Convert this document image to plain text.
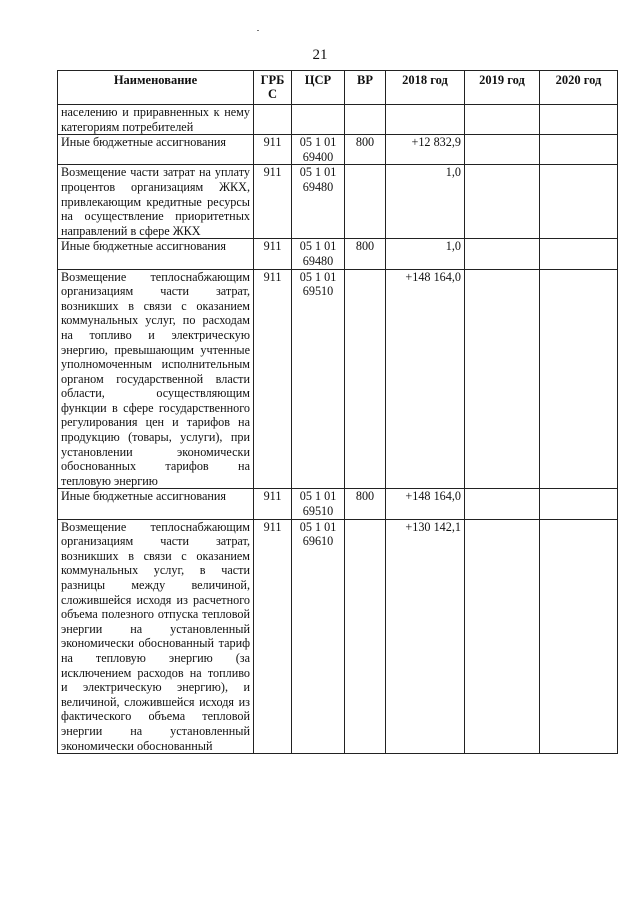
21
Наименование	ГРБ С	ЦСР	ВР	2018 год	2019 год	2020 год
населению и приравненных к нему категориям потребителей						
Иные бюджетные ассигнования	911	05 1 01 69400	800	+12 832,9		
Возмещение части затрат на уплату процентов организациям ЖКХ, привлекающим кредитные ресурсы на осуществление приоритетных направлений в сфере ЖКХ	911	05 1 01 69480		1,0		
Иные бюджетные ассигнования	911	05 1 01 69480	800	1,0		
Возмещение теплоснабжающим организациям части затрат, возникших в связи с оказанием коммунальных услуг, по расходам на топливо и электрическую энергию, превышающим учтенные уполномоченным исполнительным органом государственной власти области, осуществляющим функции в сфере государственного регулирования цен и тарифов на продукцию (товары, услуги), при установлении экономически обоснованных тарифов на тепловую энергию	911	05 1 01 69510		+148 164,0		
Иные бюджетные ассигнования	911	05 1 01 69510	800	+148 164,0		
Возмещение теплоснабжающим организациям части затрат, возникших в связи с оказанием коммунальных услуг, в части разницы между величиной, сложившейся исходя из расчетного объема полезного отпуска тепловой энергии на установленный экономически обоснованный тариф на тепловую энергию (за исключением расходов на топливо и электрическую энергию), и величиной, сложившейся исходя из фактического объема тепловой энергии на установленный экономически обоснованный	911	05 1 01 69610		+130 142,1		
